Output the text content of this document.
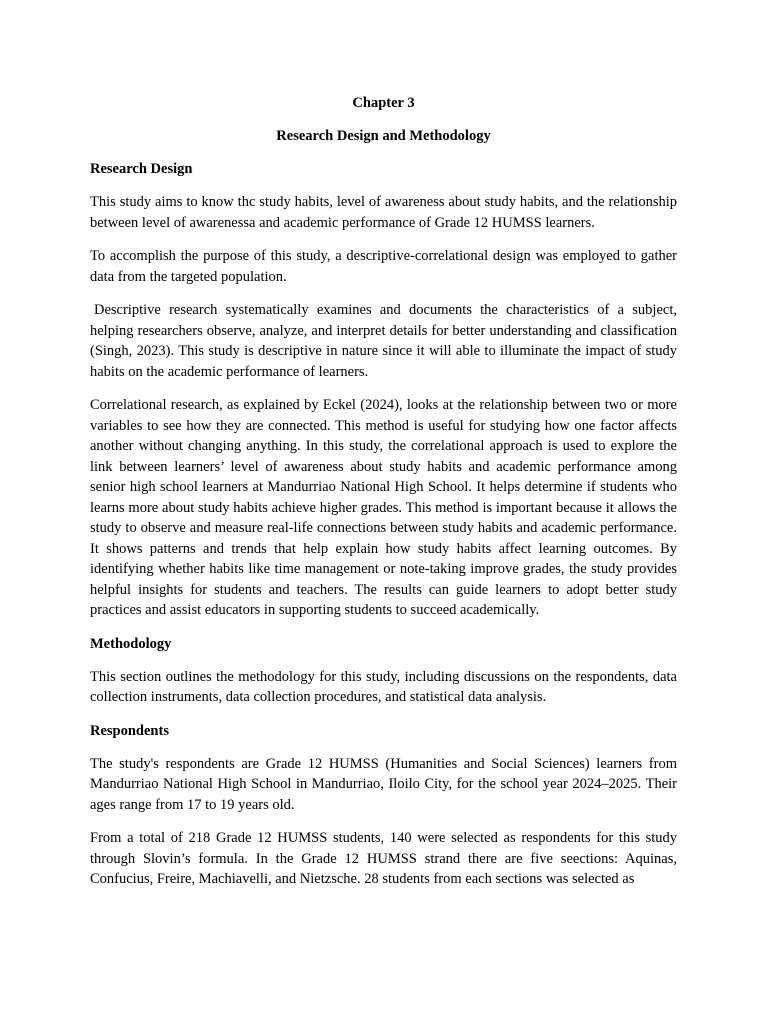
Chapter 3

Research Design and Methodology

Research Design

This study aims to know thc study habits, level of awareness about study habits, and the relationship between level of awarenessa and academic performance of Grade 12 HUMSS learners.

To accomplish the purpose of this study, a descriptive-correlational design was employed to gather data from the targeted population.

Descriptive research systematically examines and documents the characteristics of a subject, helping researchers observe, analyze, and interpret details for better understanding and classification (Singh, 2023). This study is descriptive in nature since it will able to illuminate the impact of study habits on the academic performance of learners.

Correlational research, as explained by Eckel (2024), looks at the relationship between two or more variables to see how they are connected. This method is useful for studying how one factor affects another without changing anything. In this study, the correlational approach is used to explore the link between learners’ level of awareness about study habits and academic performance among senior high school learners at Mandurriao National High School. It helps determine if students who learns more about study habits achieve higher grades. This method is important because it allows the study to observe and measure real-life connections between study habits and academic performance. It shows patterns and trends that help explain how study habits affect learning outcomes. By identifying whether habits like time management or note-taking improve grades, the study provides helpful insights for students and teachers. The results can guide learners to adopt better study practices and assist educators in supporting students to succeed academically.

Methodology

This section outlines the methodology for this study, including discussions on the respondents, data collection instruments, data collection procedures, and statistical data analysis.

Respondents

The study's respondents are Grade 12 HUMSS (Humanities and Social Sciences) learners from Mandurriao National High School in Mandurriao, Iloilo City, for the school year 2024–2025. Their ages range from 17 to 19 years old.

From a total of 218 Grade 12 HUMSS students, 140 were selected as respondents for this study through Slovin’s formula. In the Grade 12 HUMSS strand there are five seections: Aquinas, Confucius, Freire, Machiavelli, and Nietzsche. 28 students from each sections was selected as
